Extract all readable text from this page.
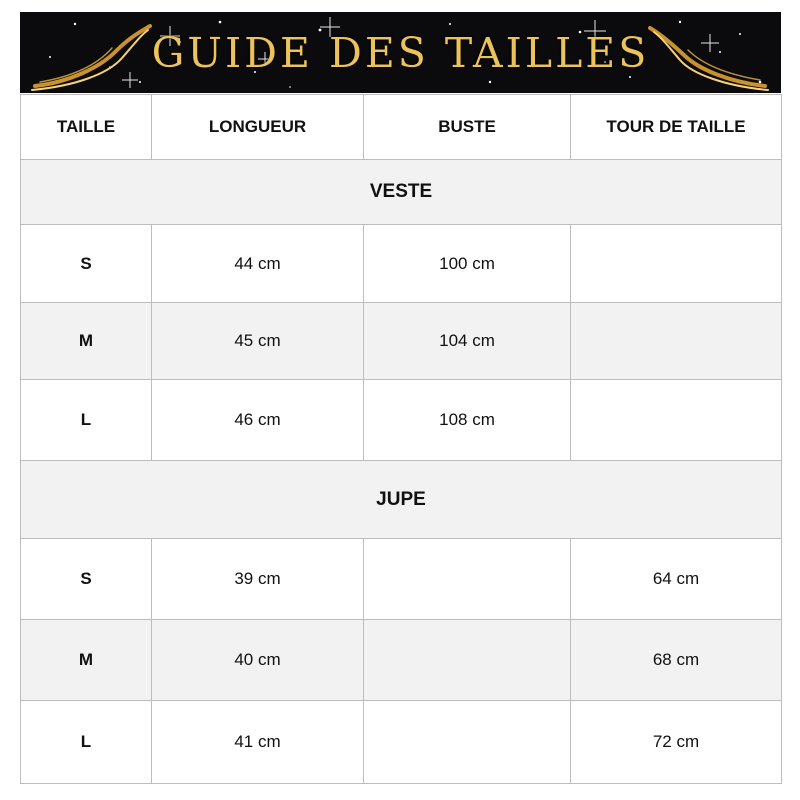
GUIDE DES TAILLES
TAILLE	LONGUEUR	BUSTE	TOUR DE TAILLE
VESTE			
S	44 cm	100 cm	
M	45 cm	104 cm	
L	46 cm	108 cm	
JUPE			
S	39 cm		64 cm
M	40 cm		68 cm
L	41 cm		72 cm
